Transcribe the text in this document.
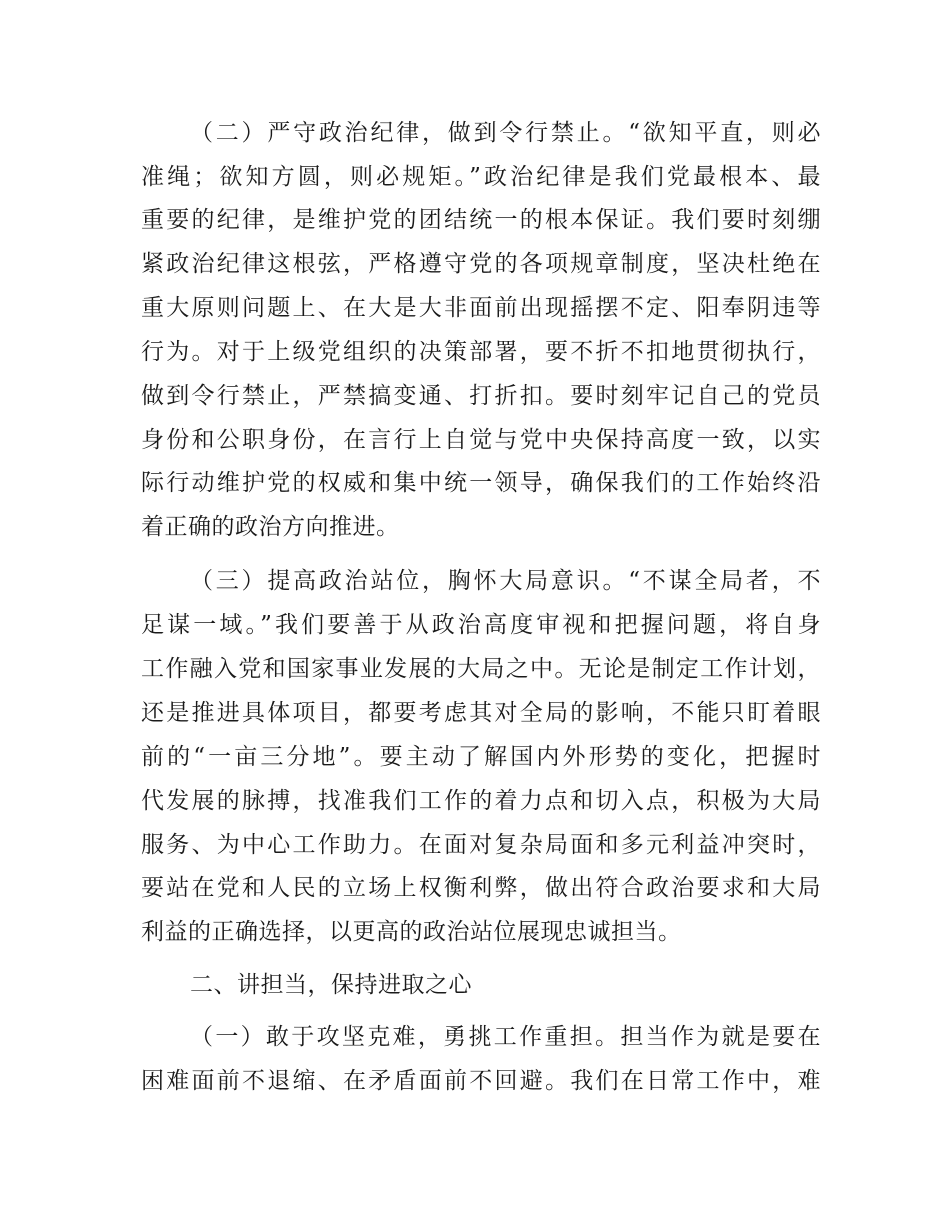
（二）严守政治纪律，做到令行禁止。“欲知平直，则必
准绳；欲知方圆，则必规矩。”政治纪律是我们党最根本、最
重要的纪律，是维护党的团结统一的根本保证。我们要时刻绷
紧政治纪律这根弦，严格遵守党的各项规章制度，坚决杜绝在
重大原则问题上、在大是大非面前出现摇摆不定、阳奉阴违等
行为。对于上级党组织的决策部署，要不折不扣地贯彻执行，
做到令行禁止，严禁搞变通、打折扣。要时刻牢记自己的党员
身份和公职身份，在言行上自觉与党中央保持高度一致，以实
际行动维护党的权威和集中统一领导，确保我们的工作始终沿
着正确的政治方向推进。
（三）提高政治站位，胸怀大局意识。“不谋全局者，不
足谋一域。”我们要善于从政治高度审视和把握问题，将自身
工作融入党和国家事业发展的大局之中。无论是制定工作计划，
还是推进具体项目，都要考虑其对全局的影响，不能只盯着眼
前的“一亩三分地”。要主动了解国内外形势的变化，把握时
代发展的脉搏，找准我们工作的着力点和切入点，积极为大局
服务、为中心工作助力。在面对复杂局面和多元利益冲突时，
要站在党和人民的立场上权衡利弊，做出符合政治要求和大局
利益的正确选择，以更高的政治站位展现忠诚担当。
二、讲担当，保持进取之心
（一）敢于攻坚克难，勇挑工作重担。担当作为就是要在
困难面前不退缩、在矛盾面前不回避。我们在日常工作中，难
